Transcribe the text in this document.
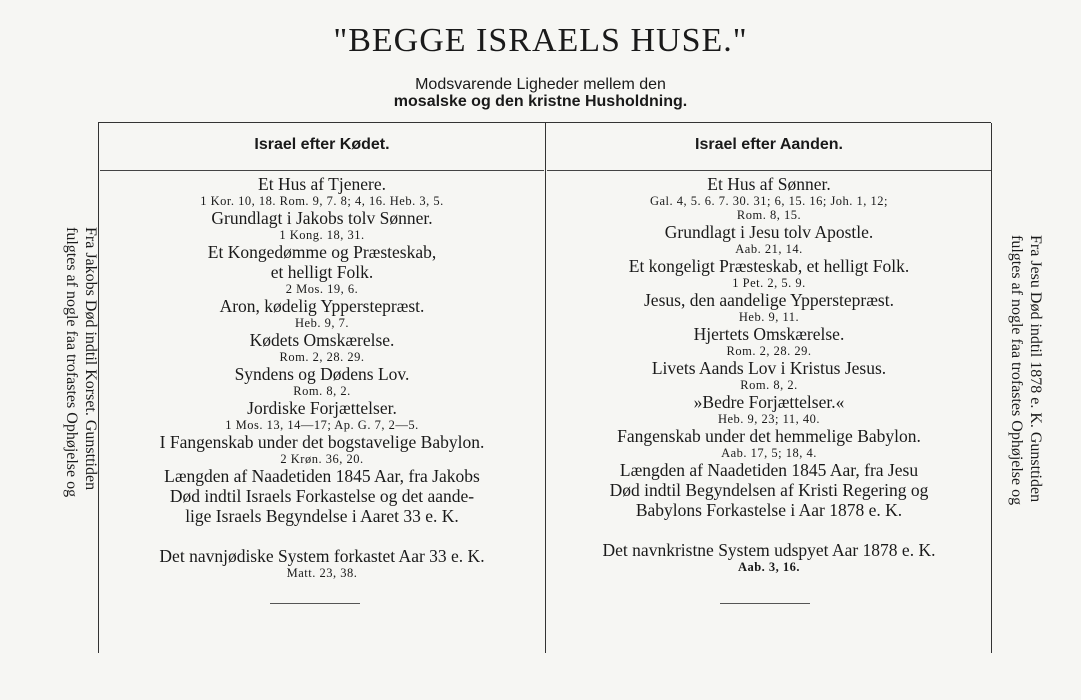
"BEGGE ISRAELS HUSE."
Modsvarende Ligheder mellem den
mosalske og den kristne Husholdning.
Israel efter Kødet.	Israel efter Aanden.
Et Hus af Tjenere.
1 Kor. 10, 18. Rom. 9, 7. 8; 4, 16. Heb. 3, 5.
Grundlagt i Jakobs tolv Sønner.
1 Kong. 18, 31.
Et Kongedømme og Præsteskab,
et helligt Folk.
2 Mos. 19, 6.
Aron, kødelig Ypperstepræst.
Heb. 9, 7.
Kødets Omskærelse.
Rom. 2, 28. 29.
Syndens og Dødens Lov.
Rom. 8, 2.
Jordiske Forjættelser.
1 Mos. 13, 14—17; Ap. G. 7, 2—5.
I Fangenskab under det bogstavelige Babylon.
2 Krøn. 36, 20.
Længden af Naadetiden 1845 Aar, fra Jakobs
Død indtil Israels Forkastelse og det aande-
lige Israels Begyndelse i Aaret 33 e. K.
Det navnjødiske System forkastet Aar 33 e. K.
Matt. 23, 38.
Et Hus af Sønner.
Gal. 4, 5. 6. 7. 30. 31; 6, 15. 16; Joh. 1, 12;
Rom. 8, 15.
Grundlagt i Jesu tolv Apostle.
Aab. 21, 14.
Et kongeligt Præsteskab, et helligt Folk.
1 Pet. 2, 5. 9.
Jesus, den aandelige Ypperstepræst.
Heb. 9, 11.
Hjertets Omskærelse.
Rom. 2, 28. 29.
Livets Aands Lov i Kristus Jesus.
Rom. 8, 2.
»Bedre Forjættelser.«
Heb. 9, 23; 11, 40.
Fangenskab under det hemmelige Babylon.
Aab. 17, 5; 18, 4.
Længden af Naadetiden 1845 Aar, fra Jesu
Død indtil Begyndelsen af Kristi Regering og
Babylons Forkastelse i Aar 1878 e. K.
Det navnkristne System udspyet Aar 1878 e. K.
Aab. 3, 16.
Fra Jakobs Død indtil Korset. Gunsttiden
fulgtes af nogle faa trofastes Ophøjelse og	Fra Jesu Død indtil 1878 e. K. Gunsttiden
fulgtes af nogle faa trofastes Ophøjelse og
